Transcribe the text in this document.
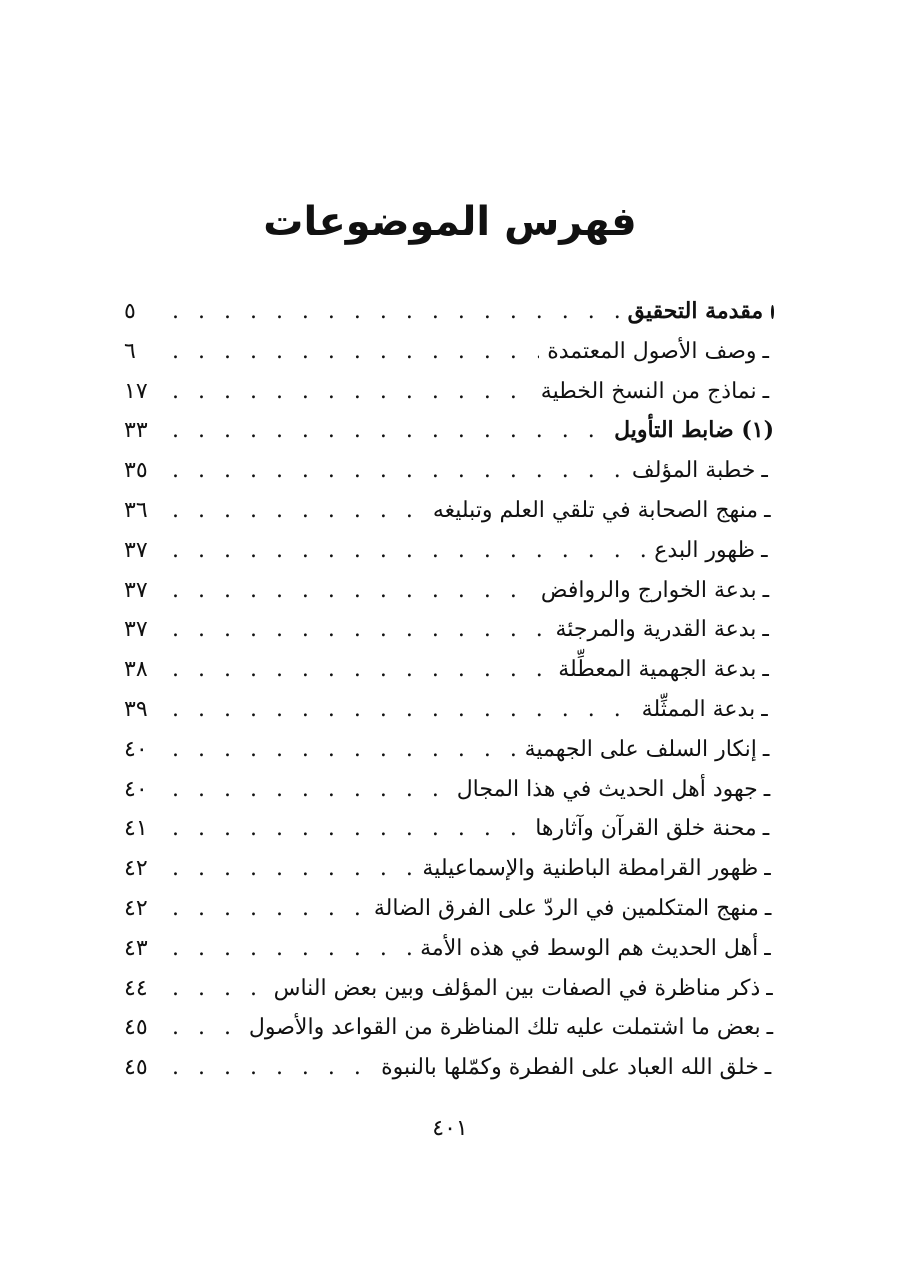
فهرس الموضوعات
مقدمة التحقيق
. . .
٥
ـ
وصف الأصول المعتمدة
. . .
٦
ـ
نماذج من النسخ الخطية
. . .
١٧
(١) ضابط التأويل
. . .
٣٣
ـ
خطبة المؤلف
. . .
٣٥
ـ
منهج الصحابة في تلقي العلم وتبليغه
. . .
٣٦
ـ
ظهور البدع
. . .
٣٧
ـ
بدعة الخوارج والروافض
. . .
٣٧
ـ
بدعة القدرية والمرجئة
. . .
٣٧
ـ
بدعة الجهمية المعطِّلة
. . .
٣٨
ـ
بدعة الممثِّلة
. . .
٣٩
ـ
إنكار السلف على الجهمية
. . .
٤٠
ـ
جهود أهل الحديث في هذا المجال
. . .
٤٠
ـ
محنة خلق القرآن وآثارها
. . .
٤١
ـ
ظهور القرامطة الباطنية والإسماعيلية
. . .
٤٢
ـ
منهج المتكلمين في الردّ على الفرق الضالة
. . .
٤٢
ـ
أهل الحديث هم الوسط في هذه الأمة
. . .
٤٣
ـ
ذكر مناظرة في الصفات بين المؤلف وبين بعض الناس
. . .
٤٤
ـ
بعض ما اشتملت عليه تلك المناظرة من القواعد والأصول
. . .
٤٥
ـ
خلق الله العباد على الفطرة وكمّلها بالنبوة
. . .
٤٥
٤٠١
